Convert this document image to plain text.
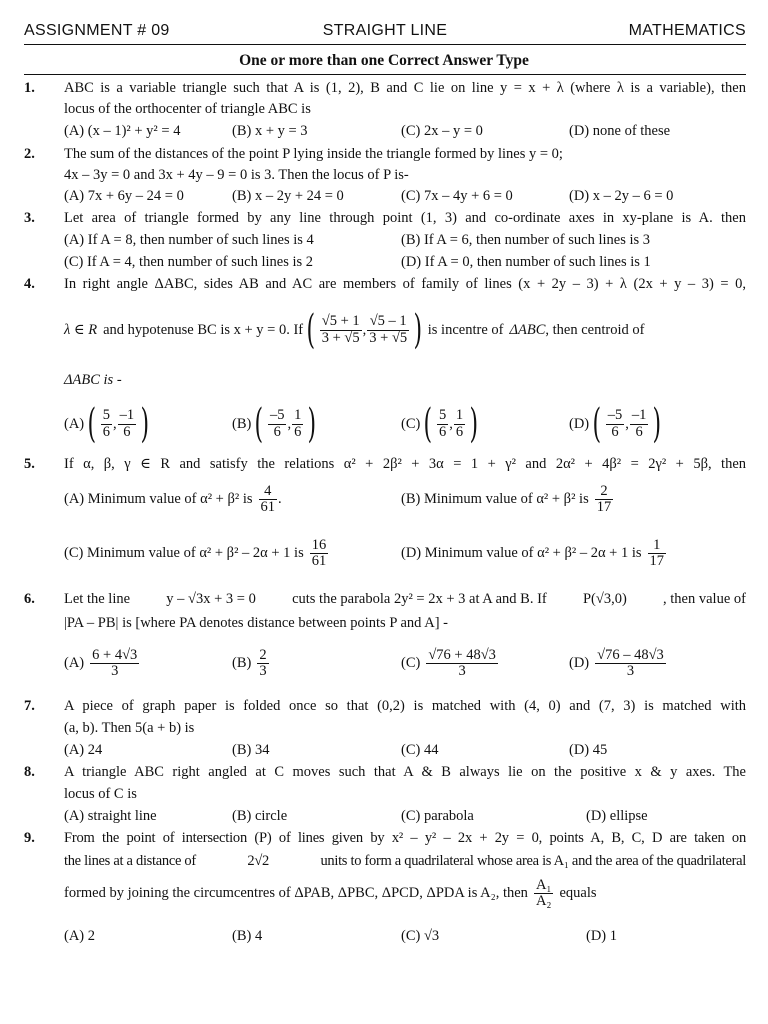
ASSIGNMENT # 09	STRAIGHT LINE	MATHEMATICS
One or more than one Correct Answer Type
1. ABC is a variable triangle such that A is (1, 2), B and C lie on line y = x + λ (where λ is a variable), then
locus of the orthocenter of triangle ABC is
(A) (x – 1)² + y² = 4	(B) x + y = 3	(C) 2x – y = 0	(D) none of these
2. The sum of the distances of the point P lying inside the triangle formed by lines y = 0;
4x – 3y = 0 and 3x + 4y – 9 = 0 is 3. Then the locus of P is-
(A) 7x + 6y – 24 = 0	(B) x – 2y + 24 = 0	(C) 7x – 4y + 6 = 0	(D) x – 2y – 6 = 0
3. Let area of triangle formed by any line through point (1, 3) and co-ordinate axes in xy-plane is A. then
(A) If A = 8, then number of such lines is 4	(B) If A = 6, then number of such lines is 3
(C) If A = 4, then number of such lines is 2	(D) If A = 0, then number of such lines is 1
4. In right angle ΔABC, sides AB and AC are members of family of lines (x + 2y – 3) + λ (2x + y – 3) = 0,
λ ∈ R and hypotenuse BC is x + y = 0. If ( $\frac{√5 + 1}{3 + √5}$ , $\frac{√5 - 1}{3 + √5}$ ) is incentre of ΔABC , then centroid of
ΔABC is -
(A) ( $\frac{5}{6}$ , $\frac{-1}{6}$ )	(B) ( $\frac{-5}{6}$ , $\frac{1}{6}$ )	(C) ( $\frac{5}{6}$ , $\frac{1}{6}$ )	(D) ( $\frac{-5}{6}$ , $\frac{-1}{6}$ )
5. If α, β, γ ∈ R and satisfy the relations α² + 2β² + 3α = 1 + γ² and 2α² + 4β² = 2γ² + 5β, then
(A) Minimum value of α² + β² is $\frac{4}{61}$ .	(B) Minimum value of α² + β² is $\frac{2}{17}$
(C) Minimum value of α² + β² – 2α + 1 is $\frac{16}{61}$	(D) Minimum value of α² + β² – 2α + 1 is $\frac{1}{17}$
6. Let the line y – √3x + 3 = 0 cuts the parabola 2y² = 2x + 3 at A and B. If P(√3,0) , then value of
|PA – PB| is [where PA denotes distance between points P and A] -
$(A) \frac{6 + 4√3}{3}$	$(B) \frac{2}{3}$	$(C) \frac{√76 + 48√3}{3}$	$(D) \frac{√76 - 48√3}{3}$
7. A piece of graph paper is folded once so that (0,2) is matched with (4, 0) and (7, 3) is matched with
(a, b). Then 5(a + b) is
(A) 24	(B) 34	(C) 44	(D) 45
8. A triangle ABC right angled at C moves such that A & B always lie on the positive x & y axes. The
locus of C is
(A) straight line	(B) circle	(C) parabola	(D) ellipse
9. From the point of intersection (P) of lines given by x² – y² – 2x + 2y = 0, points A, B, C, D are taken on
the lines at a distance of	2√2	units to form a quadrilateral whose area is A₁ and the area of the quadrilateral
formed by joining the circumcentres of ΔPAB, ΔPBC, ΔPCD, ΔPDA is A₂, then $\frac{\text{A₁}}{\text{A₂}}$ equals
(A) 2	(B) 4	(C) √3	(D) 1
